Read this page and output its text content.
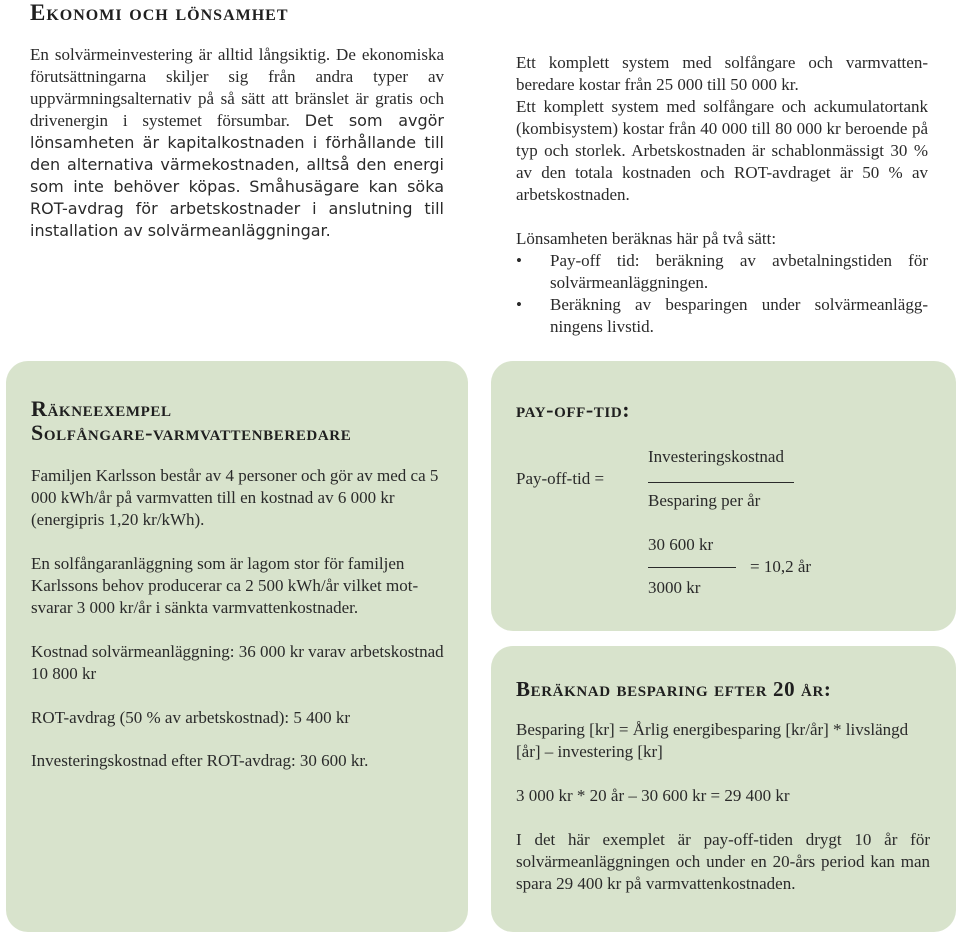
Ekonomi och lönsamhet

En solvärmeinvestering är alltid långsiktig. De ekonomiska förutsättningarna skiljer sig från andra typer av uppvärmningsalternativ på så sätt att bränslet är gratis och drivenergin i systemet försumbar. Det som avgör lönsamheten är kapitalkostnaden i förhållande till den alternativa värmekostnaden, alltså den energi som inte behöver köpas. Småhusägare kan söka ROT-avdrag för arbetskostnader i anslutning till installation av solvärmeanläggningar.

Ett komplett system med solfångare och varmvattenberedare kostar från 25 000 till 50 000 kr.

Ett komplett system med solfångare och ackumulatortank (kombisystem) kostar från 40 000 till 80 000 kr beroende på typ och storlek. Arbetskostnaden är schablonmässigt 30 % av den totala kostnaden och ROT-avdraget är 50 % av arbetskostnaden.

Lönsamheten beräknas här på två sätt:

• Pay-off tid: beräkning av avbetalningstiden för solvärmeanläggningen.
• Beräkning av besparingen under solvärmeanläggningens livstid.
Räkneexempel
Solfångare-varmvattenberedare

Familjen Karlsson består av 4 personer och gör av med ca 5 000 kWh/år på varmvatten till en kostnad av 6 000 kr (energipris 1,20 kr/kWh).

En solfångaranläggning som är lagom stor för familjen Karlssons behov producerar ca 2 500 kWh/år vilket motsvarar 3 000 kr/år i sänkta varmvattenkostnader.

Kostnad solvärmeanläggning: 36 000 kr varav arbetskostnad 10 800 kr

ROT-avdrag (50 % av arbetskostnad): 5 400 kr

Investeringskostnad efter ROT-avdrag: 30 600 kr.

pay-off-tid:
Pay-off-tid =
Investeringskostnad
Besparing per år
30 600 kr
3000 kr
= 10,2 år
Beräknad besparing efter 20 år:

Besparing [kr] = Årlig energibesparing [kr/år] * livslängd [år] – investering [kr]

3 000 kr * 20 år – 30 600 kr = 29 400 kr

I det här exemplet är pay-off-tiden drygt 10 år för solvärmeanläggningen och under en 20-års period kan man spara 29 400 kr på varmvattenkostnaden.
